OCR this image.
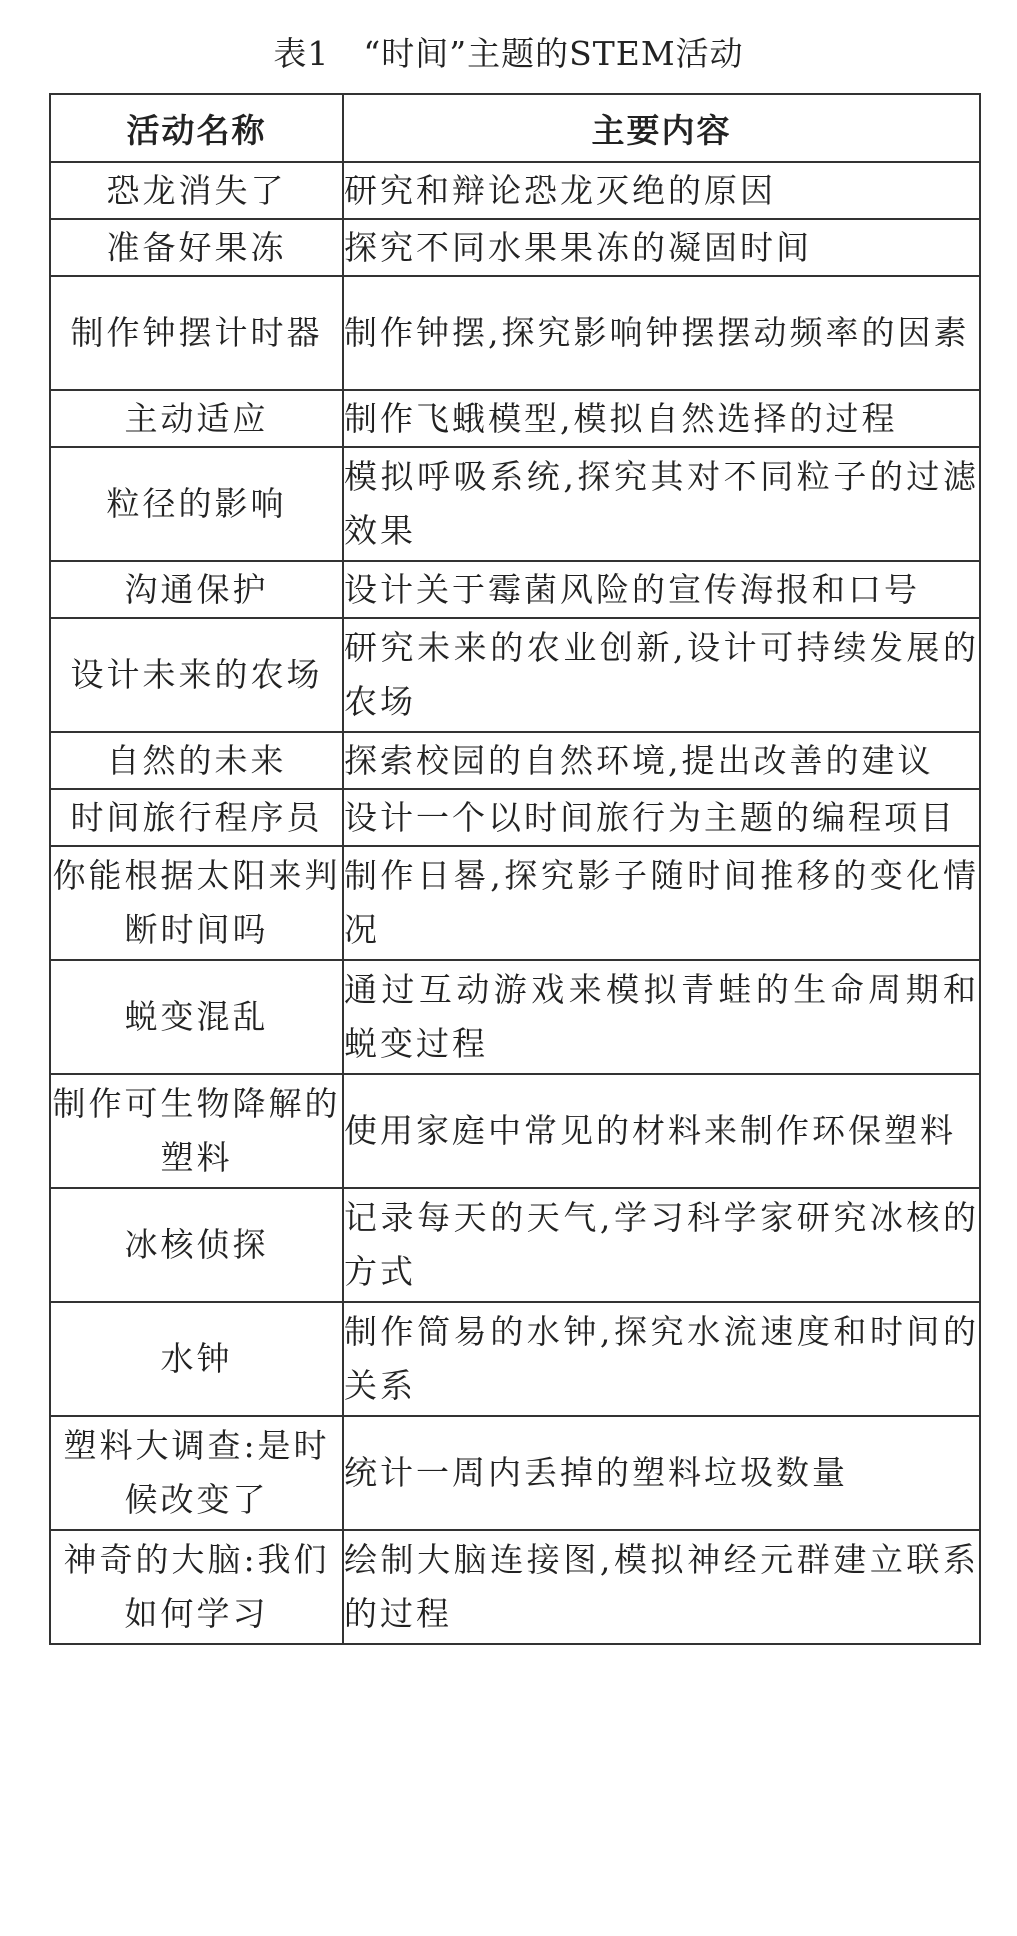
表1 “时间”主题的STEM活动
活动名称	主要内容
恐龙消失了	研究和辩论恐龙灭绝的原因
准备好果冻	探究不同水果果冻的凝固时间
制作钟摆计时器	制作钟摆,探究影响钟摆摆动频率的因素
主动适应	制作飞蛾模型,模拟自然选择的过程
粒径的影响	模拟呼吸系统,探究其对不同粒子的过滤效果
沟通保护	设计关于霉菌风险的宣传海报和口号
设计未来的农场	研究未来的农业创新,设计可持续发展的农场
自然的未来	探索校园的自然环境,提出改善的建议
时间旅行程序员	设计一个以时间旅行为主题的编程项目
你能根据太阳来判断时间吗	制作日晷,探究影子随时间推移的变化情况
蜕变混乱	通过互动游戏来模拟青蛙的生命周期和蜕变过程
制作可生物降解的塑料	使用家庭中常见的材料来制作环保塑料
冰核侦探	记录每天的天气,学习科学家研究冰核的方式
水钟	制作简易的水钟,探究水流速度和时间的关系
塑料大调查:是时候改变了	统计一周内丢掉的塑料垃圾数量
神奇的大脑:我们如何学习	绘制大脑连接图,模拟神经元群建立联系的过程
